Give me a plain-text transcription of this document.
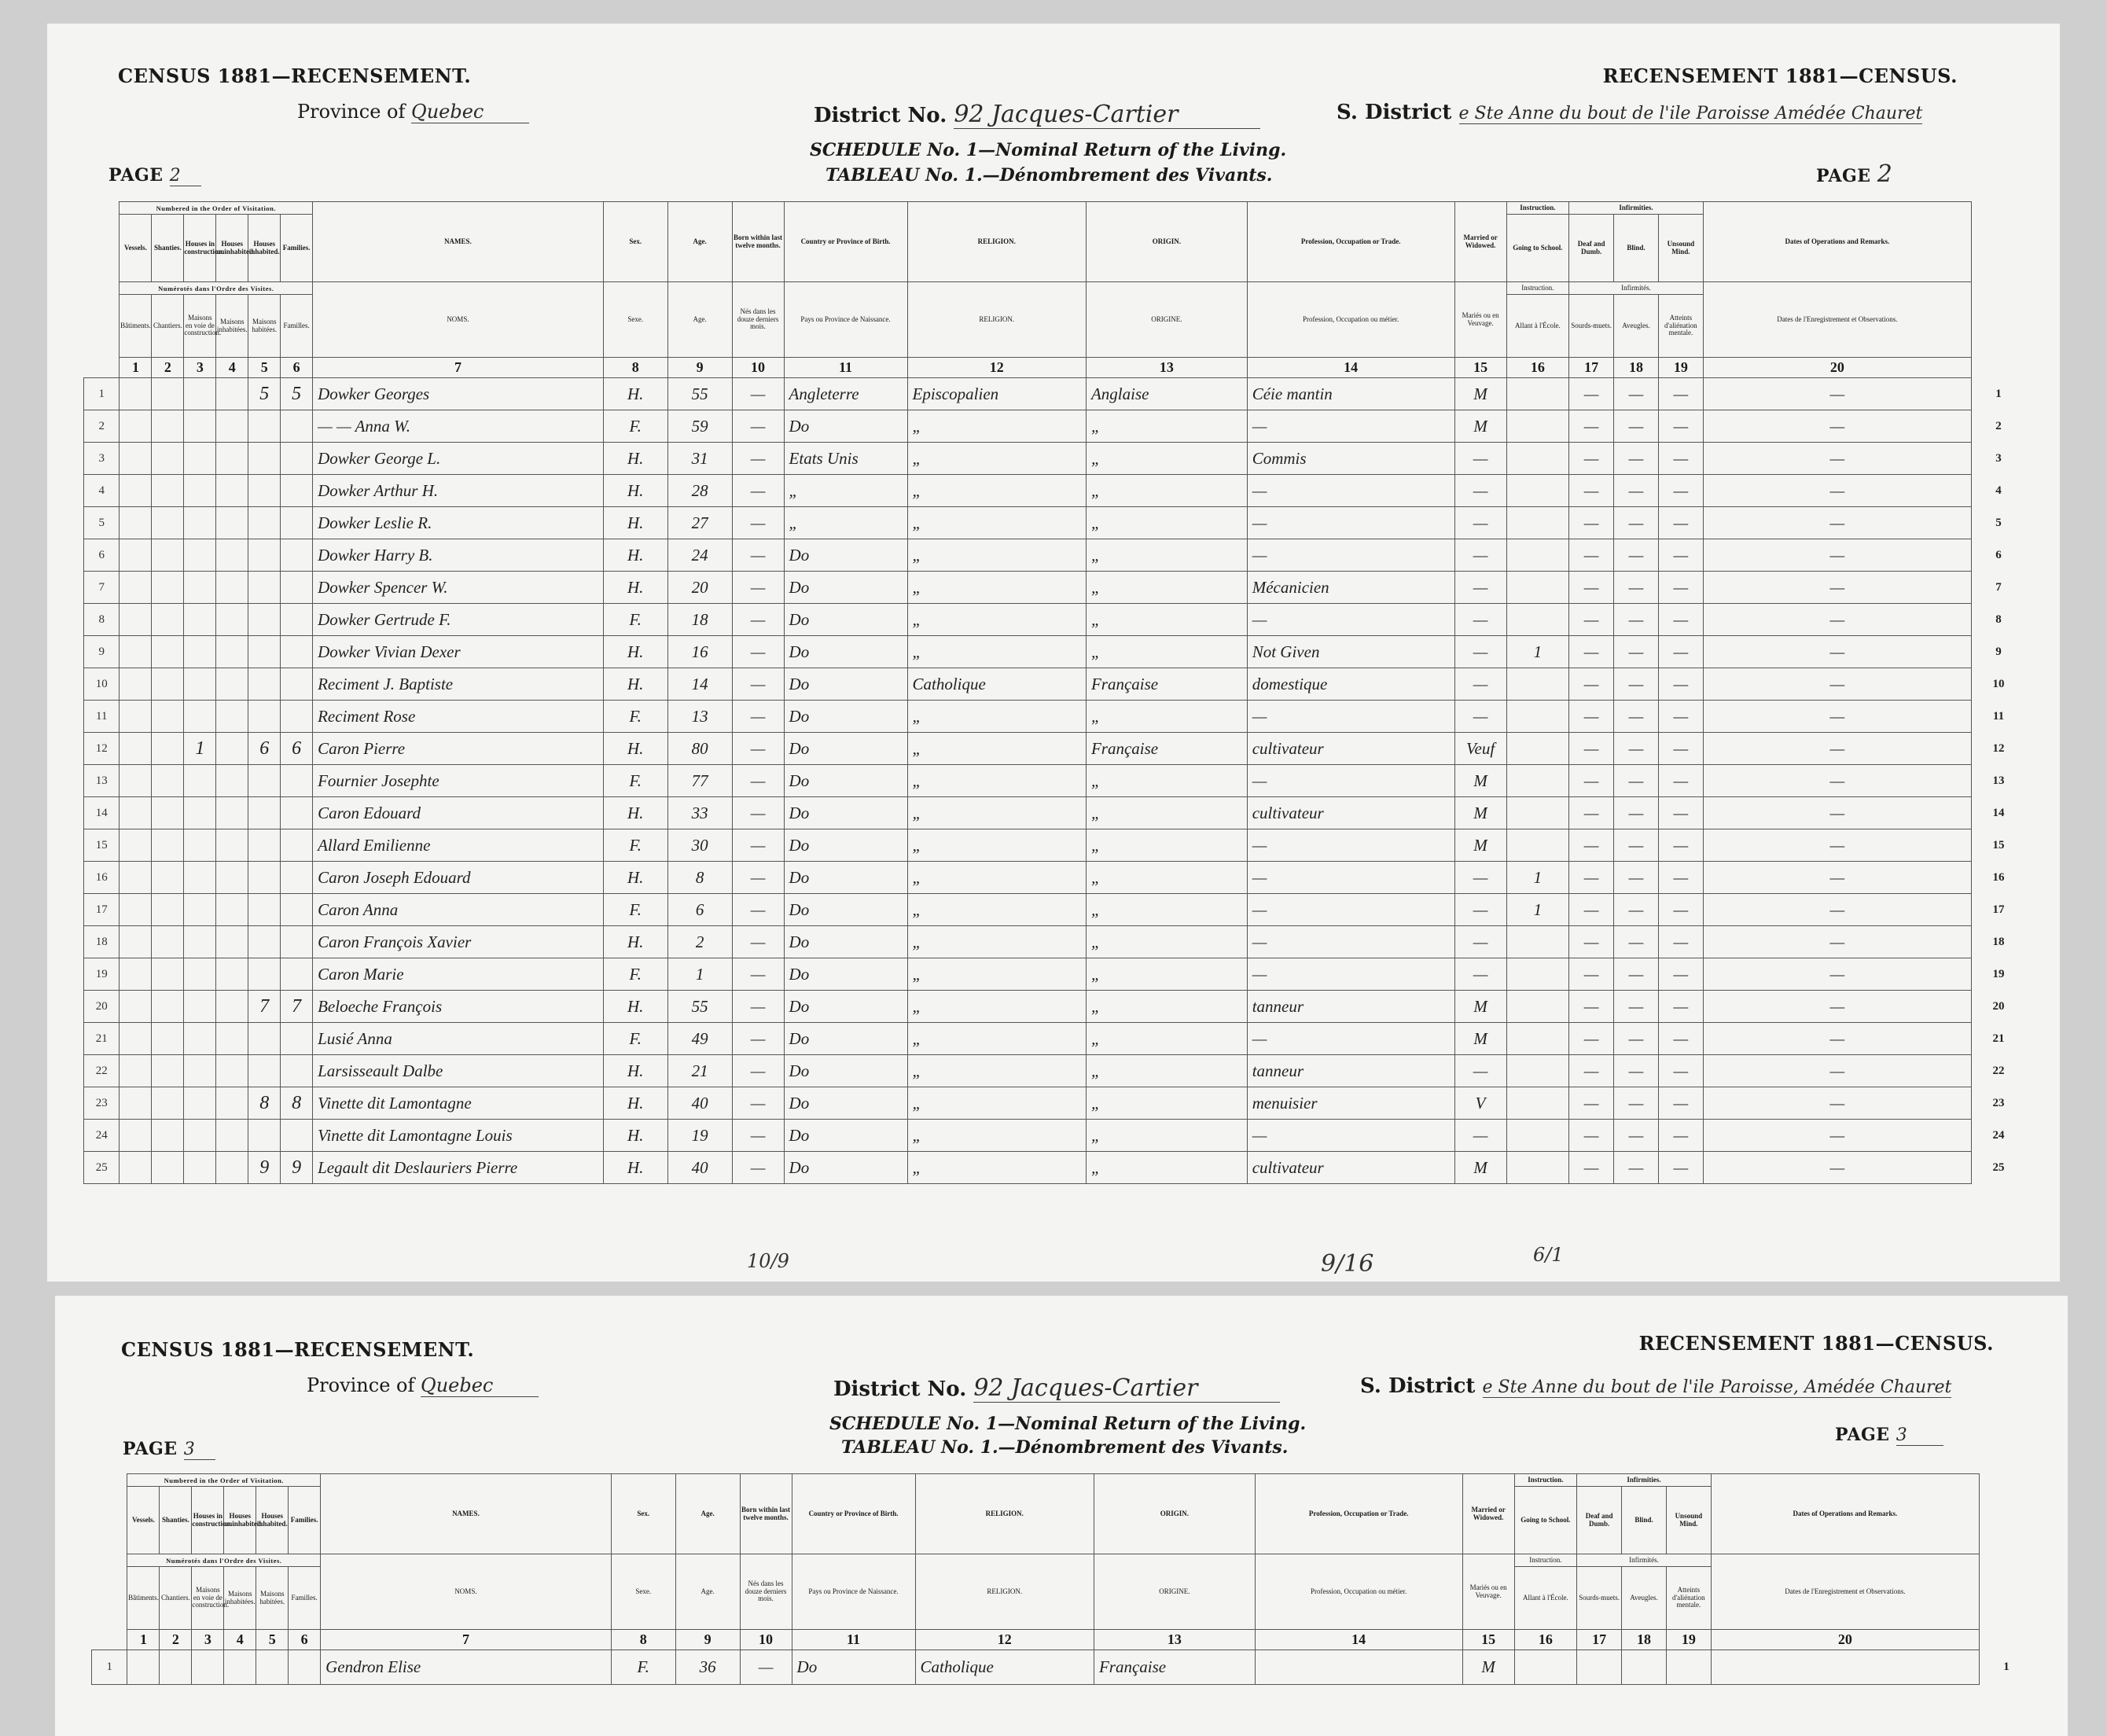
CENSUS 1881—RECENSEMENT.	RECENSEMENT 1881—CENSUS.
Province of Quebec	District No. 92 Jacques-Cartier	S. District e Ste Anne du bout de l'ile Paroisse Amédée Chauret
SCHEDULE No. 1—Nominal Return of the Living.
TABLEAU No. 1.—Dénombrement des Vivants.
PAGE 2	PAGE 2
	Numbered in the Order of Visitation.						NAMES.	Sex.	Age.	Born within last twelve months.	Country or Province of Birth.	RELIGION.	ORIGIN.	Profession, Occupation or Trade.	Married or Widowed.	Instruction.	Infirmities.			Dates of Operations and Remarks.	
	Vessels.	Shanties.	Houses in construction.	Houses uninhabited.	Houses inhabited.	Families.										Going to School.	Deaf and Dumb.	Blind.	Unsound Mind.		
	Numérotés dans l'Ordre des Visites.						NOMS.	Sexe.	Age.	Nés dans les douze derniers mois.	Pays ou Province de Naissance.	RELIGION.	ORIGINE.	Profession, Occupation ou métier.	Mariés ou en Veuvage.	Instruction.	Infirmités.			Dates de l'Enregistrement et Observations.	
	Bâtiments.	Chantiers.	Maisons en voie de construction.	Maisons inhabitées.	Maisons habitées.	Familles.										Allant à l'École.	Sourds-muets.	Aveugles.	Atteints d'aliénation mentale.		
	1	2	3	4	5	6	7	8	9	10	11	12	13	14	15	16	17	18	19	20	
1					5	5	Dowker Georges	H.	55	—	Angleterre	Episcopalien	Anglaise	Céie mantin	M		—	—	—	—	1
2							— — Anna W.	F.	59	—	Do	„	„	—	M		—	—	—	—	2
3							Dowker George L.	H.	31	—	Etats Unis	„	„	Commis	—		—	—	—	—	3
4							Dowker Arthur H.	H.	28	—	„	„	„	—	—		—	—	—	—	4
5							Dowker Leslie R.	H.	27	—	„	„	„	—	—		—	—	—	—	5
6							Dowker Harry B.	H.	24	—	Do	„	„	—	—		—	—	—	—	6
7							Dowker Spencer W.	H.	20	—	Do	„	„	Mécanicien	—		—	—	—	—	7
8							Dowker Gertrude F.	F.	18	—	Do	„	„	—	—		—	—	—	—	8
9							Dowker Vivian Dexer	H.	16	—	Do	„	„	Not Given	—	1	—	—	—	—	9
10							Reciment J. Baptiste	H.	14	—	Do	Catholique	Française	domestique	—		—	—	—	—	10
11							Reciment Rose	F.	13	—	Do	„	„	—	—		—	—	—	—	11
12			1		6	6	Caron Pierre	H.	80	—	Do	„	Française	cultivateur	Veuf		—	—	—	—	12
13							Fournier Josephte	F.	77	—	Do	„	„	—	M		—	—	—	—	13
14							Caron Edouard	H.	33	—	Do	„	„	cultivateur	M		—	—	—	—	14
15							Allard Emilienne	F.	30	—	Do	„	„	—	M		—	—	—	—	15
16							Caron Joseph Edouard	H.	8	—	Do	„	„	—	—	1	—	—	—	—	16
17							Caron Anna	F.	6	—	Do	„	„	—	—	1	—	—	—	—	17
18							Caron François Xavier	H.	2	—	Do	„	„	—	—		—	—	—	—	18
19							Caron Marie	F.	1	—	Do	„	„	—	—		—	—	—	—	19
20					7	7	Beloeche François	H.	55	—	Do	„	„	tanneur	M		—	—	—	—	20
21							Lusié Anna	F.	49	—	Do	„	„	—	M		—	—	—	—	21
22							Larsisseault Dalbe	H.	21	—	Do	„	„	tanneur	—		—	—	—	—	22
23					8	8	Vinette dit Lamontagne	H.	40	—	Do	„	„	menuisier	V		—	—	—	—	23
24							Vinette dit Lamontagne Louis	H.	19	—	Do	„	„	—	—		—	—	—	—	24
25					9	9	Legault dit Deslauriers Pierre	H.	40	—	Do	„	„	cultivateur	M		—	—	—	—	25
10/9	9/16	6/1
CENSUS 1881—RECENSEMENT.	RECENSEMENT 1881—CENSUS.
Province of Quebec	District No. 92 Jacques-Cartier	S. District e Ste Anne du bout de l'ile Paroisse, Amédée Chauret
SCHEDULE No. 1—Nominal Return of the Living.
TABLEAU No. 1.—Dénombrement des Vivants.
PAGE 3
PAGE 3
	Numbered in the Order of Visitation.						NAMES.	Sex.	Age.	Born within last twelve months.	Country or Province of Birth.	RELIGION.	ORIGIN.	Profession, Occupation or Trade.	Married or Widowed.	Instruction.	Infirmities.			Dates of Operations and Remarks.	
	Vessels.	Shanties.	Houses in construction.	Houses uninhabited.	Houses inhabited.	Families.										Going to School.	Deaf and Dumb.	Blind.	Unsound Mind.		
	Numérotés dans l'Ordre des Visites.						NOMS.	Sexe.	Age.	Nés dans les douze derniers mois.	Pays ou Province de Naissance.	RELIGION.	ORIGINE.	Profession, Occupation ou métier.	Mariés ou en Veuvage.	Instruction.	Infirmités.			Dates de l'Enregistrement et Observations.	
	Bâtiments.	Chantiers.	Maisons en voie de construction.	Maisons inhabitées.	Maisons habitées.	Familles.										Allant à l'École.	Sourds-muets.	Aveugles.	Atteints d'aliénation mentale.		
	1	2	3	4	5	6	7	8	9	10	11	12	13	14	15	16	17	18	19	20	
1							Gendron Elise	F.	36	—	Do	Catholique	Française		M						1
